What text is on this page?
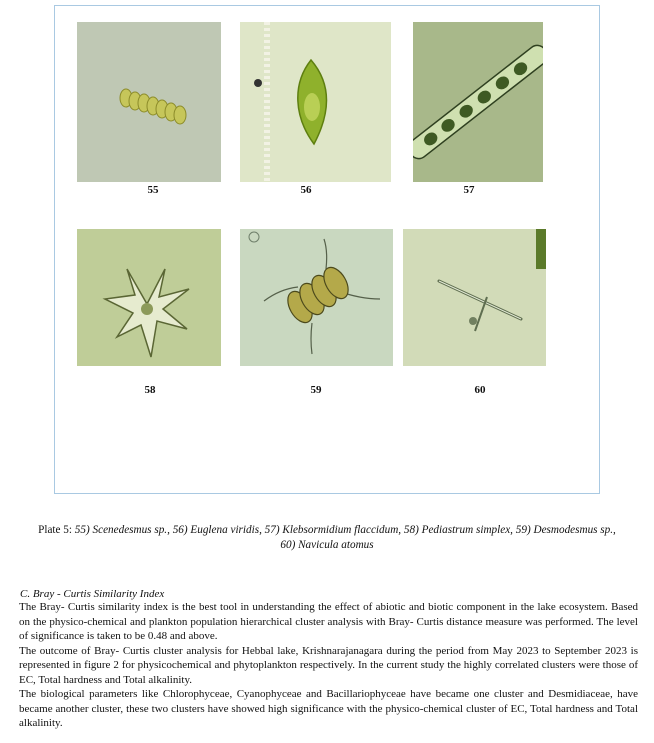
55	56	57
58	59	60
Plate 5: 55) Scenedesmus sp., 56) Euglena viridis, 57) Klebsormidium flaccidum, 58) Pediastrum simplex, 59) Desmodesmus sp.,
60) Navicula atomus
C. Bray - Curtis Similarity Index

The Bray- Curtis similarity index is the best tool in understanding the effect of abiotic and biotic component in the lake ecosystem. Based on the physico-chemical and plankton population hierarchical cluster analysis with Bray- Curtis distance measure was performed. The level of significance is taken to be 0.48 and above.

The outcome of Bray- Curtis cluster analysis for Hebbal lake, Krishnarajanagara during the period from May 2023 to September 2023 is represented in figure 2 for physicochemical and phytoplankton respectively. In the current study the highly correlated clusters were those of EC, Total hardness and Total alkalinity.

The biological parameters like Chlorophyceae, Cyanophyceae and Bacillariophyceae have became one cluster and Desmidiaceae, have became another cluster, these two clusters have showed high significance with the physico-chemical cluster of EC, Total hardness and Total alkalinity.
